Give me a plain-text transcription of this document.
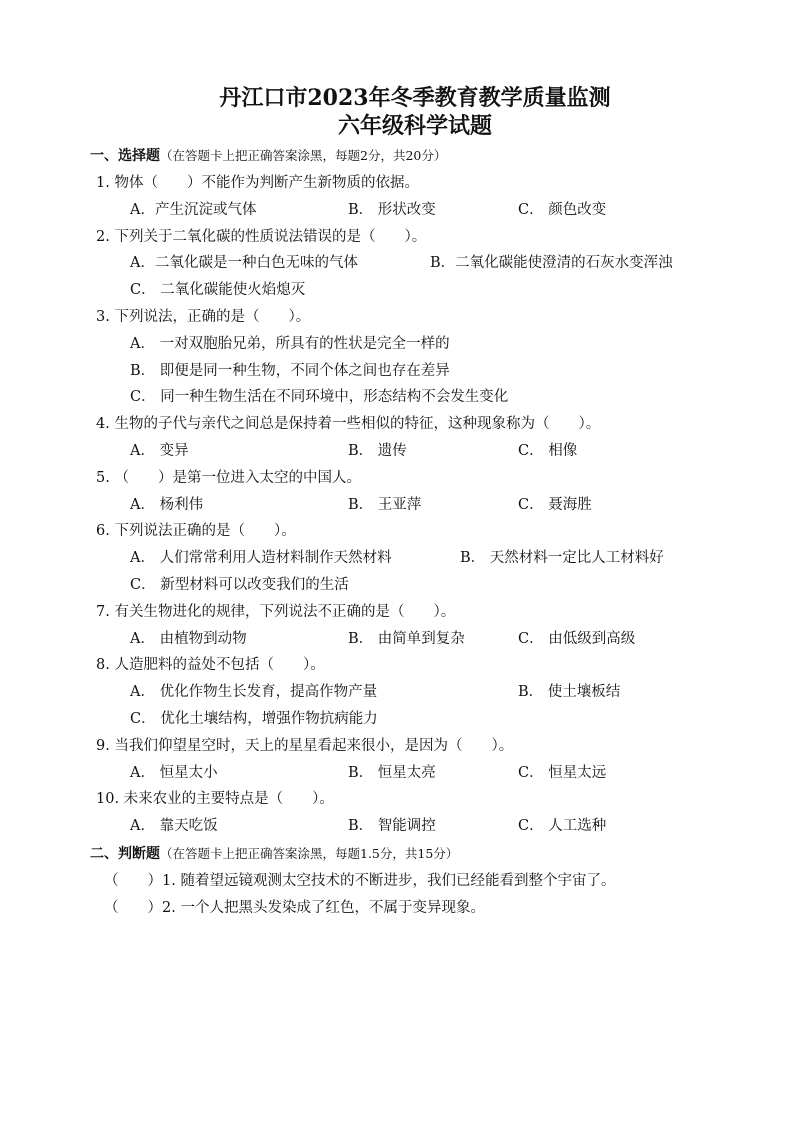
丹江口市2023年冬季教育教学质量监测
六年级科学试题
一、选择题（在答题卡上把正确答案涂黑，每题2分，共20分）
1. 物体（　　）不能作为判断产生新物质的依据。
A．产生沉淀或气体	B． 形状改变	C． 颜色改变
2. 下列关于二氧化碳的性质说法错误的是（　　）。
A．二氧化碳是一种白色无味的气体	B．二氧化碳能使澄清的石灰水变浑浊
C． 二氧化碳能使火焰熄灭
3. 下列说法，正确的是（　　）。
A． 一对双胞胎兄弟，所具有的性状是完全一样的
B． 即便是同一种生物，不同个体之间也存在差异
C． 同一种生物生活在不同环境中，形态结构不会发生变化
4. 生物的子代与亲代之间总是保持着一些相似的特征，这种现象称为（　　）。
A． 变异	B． 遗传	C． 相像
5. （　　）是第一位进入太空的中国人。
A． 杨利伟	B． 王亚萍	C． 聂海胜
6. 下列说法正确的是（　　）。
A． 人们常常利用人造材料制作天然材料	B． 天然材料一定比人工材料好
C． 新型材料可以改变我们的生活
7. 有关生物进化的规律，下列说法不正确的是（　　）。
A． 由植物到动物	B． 由简单到复杂	C． 由低级到高级
8. 人造肥料的益处不包括（　　）。
A． 优化作物生长发育，提高作物产量	B． 使土壤板结
C． 优化土壤结构，增强作物抗病能力
9. 当我们仰望星空时，天上的星星看起来很小，是因为（　　）。
A． 恒星太小	B． 恒星太亮	C． 恒星太远
10. 未来农业的主要特点是（　　）。
A． 靠天吃饭	B． 智能调控	C． 人工选种
二、判断题（在答题卡上把正确答案涂黑，每题1.5分，共15分）
（　　）1. 随着望远镜观测太空技术的不断进步，我们已经能看到整个宇宙了。
（　　）2. 一个人把黑头发染成了红色，不属于变异现象。
